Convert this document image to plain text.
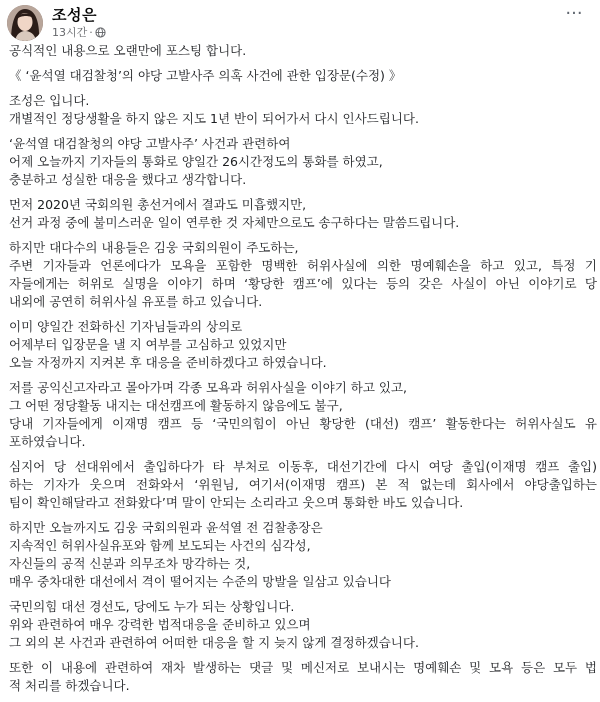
조성은
13시간 ·
···
공식적인 내용으로 오랜만에 포스팅 합니다.
《 ‘윤석열 대검찰청’의 야당 고발사주 의혹 사건에 관한 입장문(수정) 》
조성은 입니다.
개별적인 정당생활을 하지 않은 지도 1년 반이 되어가서 다시 인사드립니다.
‘윤석열 대검찰청의 야당 고발사주’ 사건과 관련하여
어제 오늘까지 기자들의 통화로 양일간 26시간정도의 통화를 하였고,
충분하고 성실한 대응을 했다고 생각합니다.
먼저 2020년 국회의원 총선거에서 결과도 미흡했지만,
선거 과정 중에 불미스러운 일이 연루한 것 자체만으로도 송구하다는 말씀드립니다.
하지만 대다수의 내용들은 김웅 국회의원이 주도하는,
주변 기자들과 언론에다가 모욕을 포함한 명백한 허위사실에 의한 명예훼손을 하고 있고, 특정 기
자들에게는 허위로 실명을 이야기 하며 ‘황당한 캠프’에 있다는 등의 갖은 사실이 아닌 이야기로 당
내외에 공연히 허위사실 유포를 하고 있습니다.
이미 양일간 전화하신 기자님들과의 상의로
어제부터 입장문을 낼 지 여부를 고심하고 있었지만
오늘 자정까지 지켜본 후 대응을 준비하겠다고 하였습니다.
저를 공익신고자라고 몰아가며 각종 모욕과 허위사실을 이야기 하고 있고,
그 어떤 정당활동 내지는 대선캠프에 활동하지 않음에도 불구,
당내 기자들에게 이재명 캠프 등 ‘국민의힘이 아닌 황당한 (대선) 캠프’ 활동한다는 허위사실도 유
포하였습니다.
심지어 당 선대위에서 출입하다가 타 부처로 이동후, 대선기간에 다시 여당 출입(이재명 캠프 출입)
하는 기자가 웃으며 전화와서 ‘위원님, 여기서(이재명 캠프) 본 적 없는데 회사에서 야당출입하는
팀이 확인해달라고 전화왔다’며 말이 안되는 소리라고 웃으며 통화한 바도 있습니다.
하지만 오늘까지도 김웅 국회의원과 윤석열 전 검찰총장은
지속적인 허위사실유포와 함께 보도되는 사건의 심각성,
자신들의 공적 신분과 의무조차 망각하는 것,
매우 중차대한 대선에서 격이 떨어지는 수준의 망발을 일삼고 있습니다
국민의힘 대선 경선도, 당에도 누가 되는 상황입니다.
위와 관련하여 매우 강력한 법적대응을 준비하고 있으며
그 외의 본 사건과 관련하여 어떠한 대응을 할 지 늦지 않게 결정하겠습니다.
또한 이 내용에 관련하여 재차 발생하는 댓글 및 메신저로 보내시는 명예훼손 및 모욕 등은 모두 법
적 처리를 하겠습니다.
